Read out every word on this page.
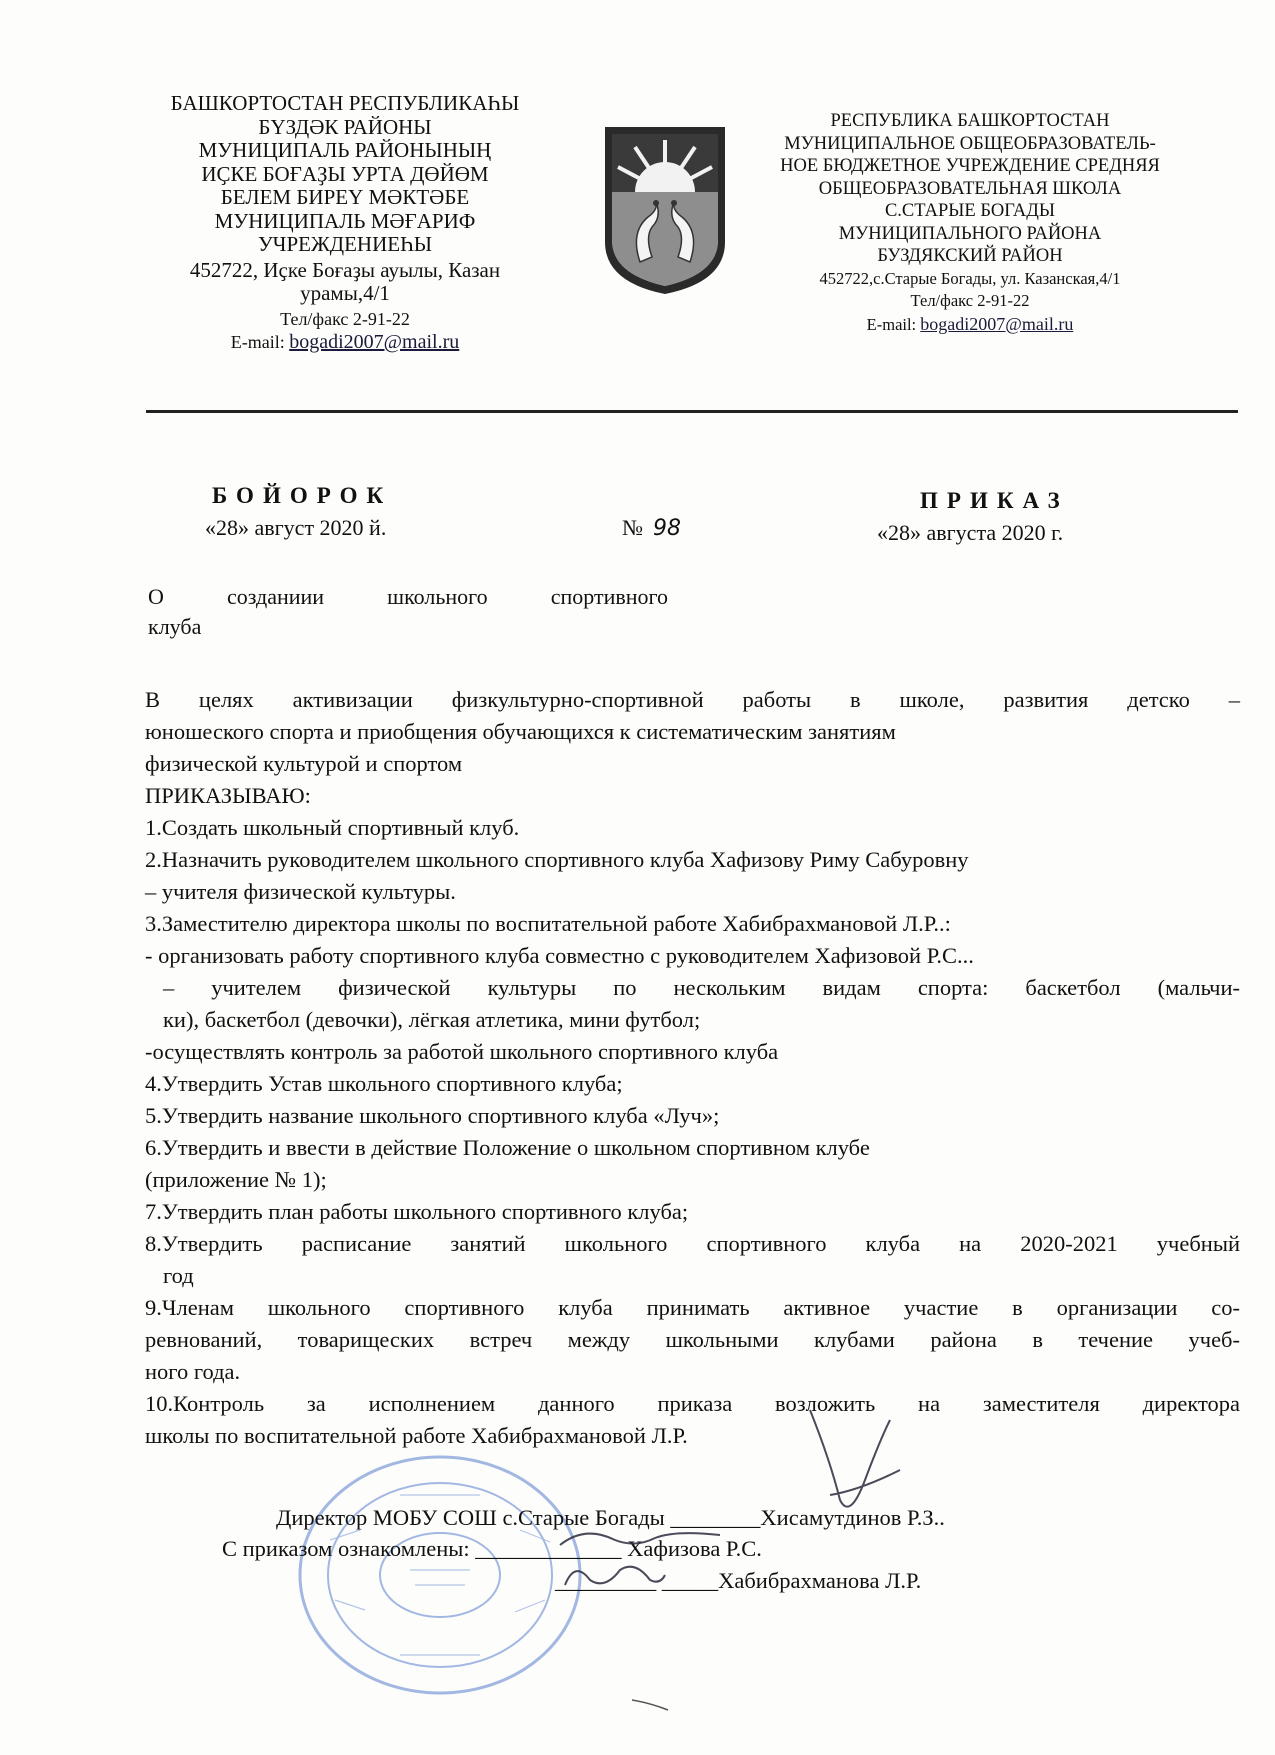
БАШКОРТОСТАН РЕСПУБЛИКАҺЫ
БҮЗДӘК РАЙОНЫ
МУНИЦИПАЛЬ РАЙОНЫНЫҢ
ИҪКЕ БОҒАҘЫ УРТА ДӨЙӨМ
БЕЛЕМ БИРЕҮ МӘКТӘБЕ
МУНИЦИПАЛЬ МӘҒАРИФ
УЧРЕЖДЕНИЕҺЫ
452722, Иҫке Боғаҙы ауылы, Казан урамы,4/1
Тел/факс 2-91-22
E-mail: bogadi2007@mail.ru
РЕСПУБЛИКА БАШКОРТОСТАН
МУНИЦИПАЛЬНОЕ ОБЩЕОБРАЗОВАТЕЛЬ-
НОЕ БЮДЖЕТНОЕ УЧРЕЖДЕНИЕ СРЕДНЯЯ
ОБЩЕОБРАЗОВАТЕЛЬНАЯ ШКОЛА
С.СТАРЫЕ БОГАДЫ
МУНИЦИПАЛЬНОГО РАЙОНА
БУЗДЯКСКИЙ РАЙОН
452722,с.Старые Богады, ул. Казанская,4/1
Тел/факс 2-91-22
E-mail: bogadi2007@mail.ru
БОЙОРОК
«28» август 2020 й.	№ 98
ПРИКАЗ
«28» августа 2020 г.
О созданиии школьного спортивного
клуба

В целях активизации физкультурно-спортивной работы в школе, развития детско –

юношеского спорта и приобщения обучающихся к систематическим занятиям

физической культурой и спортом

ПРИКАЗЫВАЮ:

1.Создать школьный спортивный клуб.

2.Назначить руководителем школьного спортивного клуба Хафизову Риму Сабуровну

– учителя физической культуры.

3.Заместителю директора школы по воспитательной работе Хабибрахмановой Л.Р..:

- организовать работу спортивного клуба совместно с руководителем Хафизовой Р.С...

– учителем физической культуры по нескольким видам спорта: баскетбол (мальчи-

ки), баскетбол (девочки), лёгкая атлетика, мини футбол;

-осуществлять контроль за работой школьного спортивного клуба

4.Утвердить Устав школьного спортивного клуба;

5.Утвердить название школьного спортивного клуба «Луч»;

6.Утвердить и ввести в действие Положение о школьном спортивном клубе

(приложение № 1);

7.Утвердить план работы школьного спортивного клуба;

8.Утвердить расписание занятий школьного спортивного клуба на 2020-2021 учебный

год

9.Членам школьного спортивного клуба принимать активное участие в организации со-

ревнований, товарищеских встреч между школьными клубами района в течение учеб-

ного года.

10.Контроль за исполнением данного приказа возложить на заместителя директора

школы по воспитательной работе Хабибрахмановой Л.Р.

Директор МОБУ СОШ с.Старые Богады ________Хисамутдинов Р.З..
С приказом ознакомлены: _____________ Хафизова Р.С.
_________ _____Хабибрахманова Л.Р.
